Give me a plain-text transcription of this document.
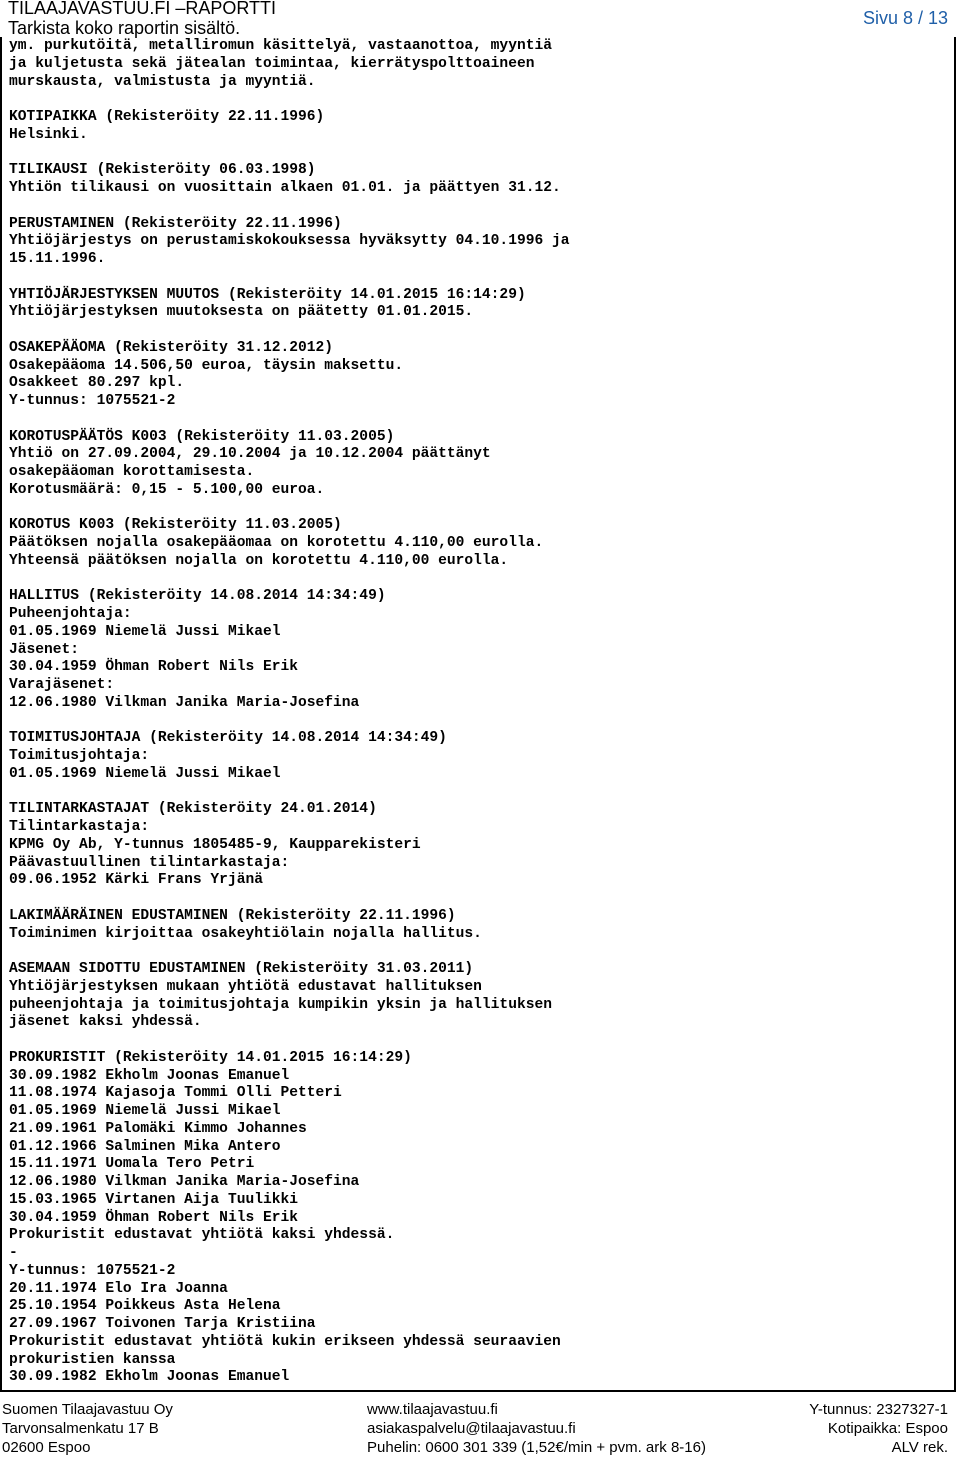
TILAAJAVASTUU.FI –RAPORTTI
Tarkista koko raportin sisältö.	Sivu 8 / 13
ym. purkutöitä, metalliromun käsittelyä, vastaanottoa, myyntiä
ja kuljetusta sekä jätealan toimintaa, kierrätyspolttoaineen
murskausta, valmistusta ja myyntiä.
KOTIPAIKKA (Rekisteröity 22.11.1996)
Helsinki.
TILIKAUSI (Rekisteröity 06.03.1998)
Yhtiön tilikausi on vuosittain alkaen 01.01. ja päättyen 31.12.
PERUSTAMINEN (Rekisteröity 22.11.1996)
Yhtiöjärjestys on perustamiskokouksessa hyväksytty 04.10.1996 ja
15.11.1996.
YHTIÖJÄRJESTYKSEN MUUTOS (Rekisteröity 14.01.2015 16:14:29)
Yhtiöjärjestyksen muutoksesta on päätetty 01.01.2015.
OSAKEPÄÄOMA (Rekisteröity 31.12.2012)
Osakepääoma 14.506,50 euroa, täysin maksettu.
Osakkeet 80.297 kpl.
Y-tunnus: 1075521-2
KOROTUSPÄÄTÖS K003 (Rekisteröity 11.03.2005)
Yhtiö on 27.09.2004, 29.10.2004 ja 10.12.2004 päättänyt
osakepääoman korottamisesta.
Korotusmäärä: 0,15 - 5.100,00 euroa.
KOROTUS K003 (Rekisteröity 11.03.2005)
Päätöksen nojalla osakepääomaa on korotettu 4.110,00 eurolla.
Yhteensä päätöksen nojalla on korotettu 4.110,00 eurolla.
HALLITUS (Rekisteröity 14.08.2014 14:34:49)
Puheenjohtaja:
01.05.1969 Niemelä Jussi Mikael
Jäsenet:
30.04.1959 Öhman Robert Nils Erik
Varajäsenet:
12.06.1980 Vilkman Janika Maria-Josefina
TOIMITUSJOHTAJA (Rekisteröity 14.08.2014 14:34:49)
Toimitusjohtaja:
01.05.1969 Niemelä Jussi Mikael
TILINTARKASTAJAT (Rekisteröity 24.01.2014)
Tilintarkastaja:
KPMG Oy Ab, Y-tunnus 1805485-9, Kaupparekisteri
Päävastuullinen tilintarkastaja:
09.06.1952 Kärki Frans Yrjänä
LAKIMÄÄRÄINEN EDUSTAMINEN (Rekisteröity 22.11.1996)
Toiminimen kirjoittaa osakeyhtiölain nojalla hallitus.
ASEMAAN SIDOTTU EDUSTAMINEN (Rekisteröity 31.03.2011)
Yhtiöjärjestyksen mukaan yhtiötä edustavat hallituksen
puheenjohtaja ja toimitusjohtaja kumpikin yksin ja hallituksen
jäsenet kaksi yhdessä.
PROKURISTIT (Rekisteröity 14.01.2015 16:14:29)
30.09.1982 Ekholm Joonas Emanuel
11.08.1974 Kajasoja Tommi Olli Petteri
01.05.1969 Niemelä Jussi Mikael
21.09.1961 Palomäki Kimmo Johannes
01.12.1966 Salminen Mika Antero
15.11.1971 Uomala Tero Petri
12.06.1980 Vilkman Janika Maria-Josefina
15.03.1965 Virtanen Aija Tuulikki
30.04.1959 Öhman Robert Nils Erik
Prokuristit edustavat yhtiötä kaksi yhdessä.
-
Y-tunnus: 1075521-2
20.11.1974 Elo Ira Joanna
25.10.1954 Poikkeus Asta Helena
27.09.1967 Toivonen Tarja Kristiina
Prokuristit edustavat yhtiötä kukin erikseen yhdessä seuraavien
prokuristien kanssa
30.09.1982 Ekholm Joonas Emanuel
Suomen Tilaajavastuu Oy
Tarvonsalmenkatu 17 B
02600 Espoo
www.tilaajavastuu.fi
asiakaspalvelu@tilaajavastuu.fi
Puhelin: 0600 301 339 (1,52€/min + pvm. ark 8-16)
Y-tunnus: 2327327-1
Kotipaikka: Espoo
ALV rek.
